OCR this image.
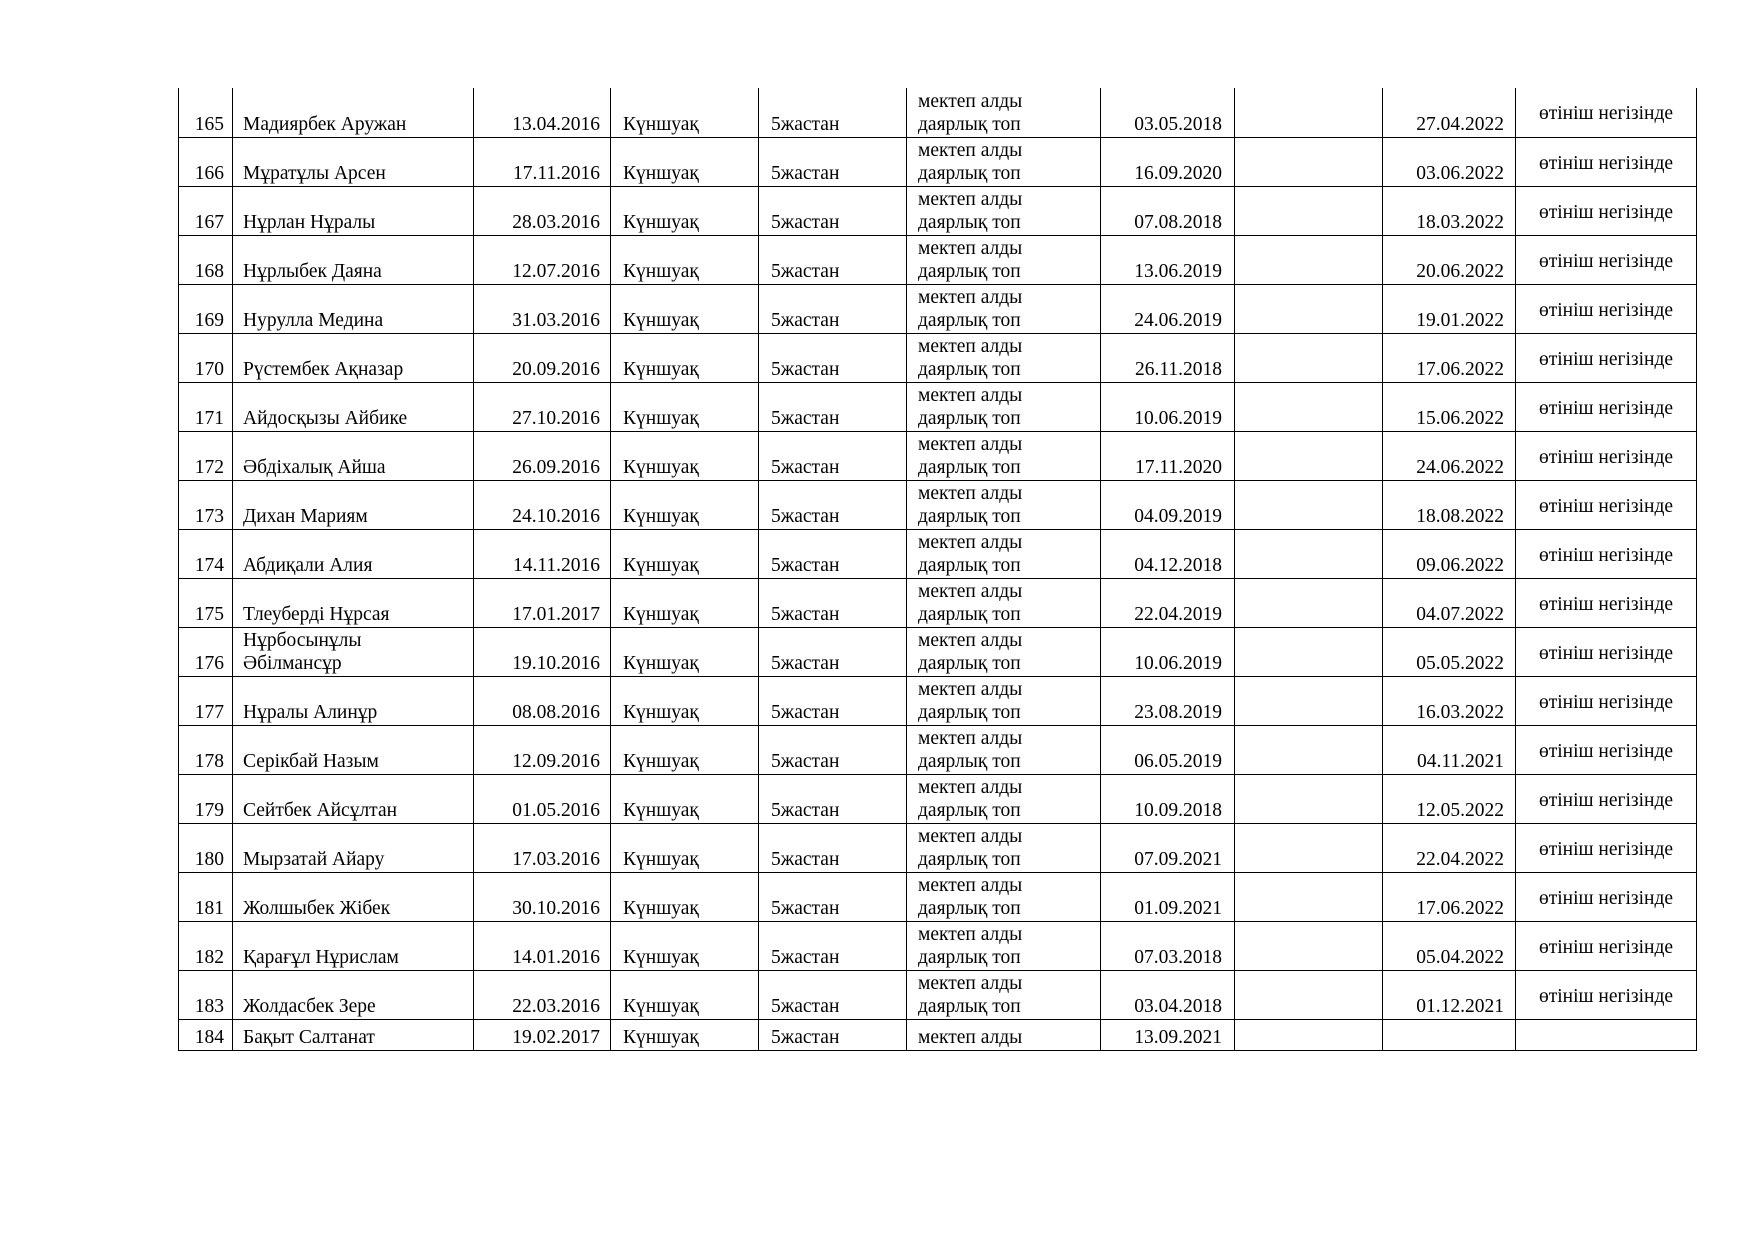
165	Мадиярбек Аружан	13.04.2016	Күншуақ	5жастан	мектеп алды
даярлық топ	03.05.2018		27.04.2022	өтініш негізінде

166	Мұратұлы Арсен	17.11.2016	Күншуақ	5жастан	мектеп алды
даярлық топ	16.09.2020		03.06.2022	өтініш негізінде

167	Нұрлан Нұралы	28.03.2016	Күншуақ	5жастан	мектеп алды
даярлық топ	07.08.2018		18.03.2022	өтініш негізінде

168	Нұрлыбек Даяна	12.07.2016	Күншуақ	5жастан	мектеп алды
даярлық топ	13.06.2019		20.06.2022	өтініш негізінде

169	Нурулла Медина	31.03.2016	Күншуақ	5жастан	мектеп алды
даярлық топ	24.06.2019		19.01.2022	өтініш негізінде

170	Рүстембек Ақназар	20.09.2016	Күншуақ	5жастан	мектеп алды
даярлық топ	26.11.2018		17.06.2022	өтініш негізінде

171	Айдосқызы Айбике	27.10.2016	Күншуақ	5жастан	мектеп алды
даярлық топ	10.06.2019		15.06.2022	өтініш негізінде

172	Әбдіхалық Айша	26.09.2016	Күншуақ	5жастан	мектеп алды
даярлық топ	17.11.2020		24.06.2022	өтініш негізінде

173	Дихан Мариям	24.10.2016	Күншуақ	5жастан	мектеп алды
даярлық топ	04.09.2019		18.08.2022	өтініш негізінде

174	Абдиқали Алия	14.11.2016	Күншуақ	5жастан	мектеп алды
даярлық топ	04.12.2018		09.06.2022	өтініш негізінде

175	Тлеуберді Нұрсая	17.01.2017	Күншуақ	5жастан	мектеп алды
даярлық топ	22.04.2019		04.07.2022	өтініш негізінде

176	Нұрбосынұлы
Әбілмансұр	19.10.2016	Күншуақ	5жастан	мектеп алды
даярлық топ	10.06.2019		05.05.2022	өтініш негізінде

177	Нұралы Алинұр	08.08.2016	Күншуақ	5жастан	мектеп алды
даярлық топ	23.08.2019		16.03.2022	өтініш негізінде

178	Серікбай Назым	12.09.2016	Күншуақ	5жастан	мектеп алды
даярлық топ	06.05.2019		04.11.2021	өтініш негізінде

179	Сейтбек Айсұлтан	01.05.2016	Күншуақ	5жастан	мектеп алды
даярлық топ	10.09.2018		12.05.2022	өтініш негізінде

180	Мырзатай Айару	17.03.2016	Күншуақ	5жастан	мектеп алды
даярлық топ	07.09.2021		22.04.2022	өтініш негізінде

181	Жолшыбек Жібек	30.10.2016	Күншуақ	5жастан	мектеп алды
даярлық топ	01.09.2021		17.06.2022	өтініш негізінде

182	Қарағұл Нұрислам	14.01.2016	Күншуақ	5жастан	мектеп алды
даярлық топ	07.03.2018		05.04.2022	өтініш негізінде

183	Жолдасбек Зере	22.03.2016	Күншуақ	5жастан	мектеп алды
даярлық топ	03.04.2018		01.12.2021	өтініш негізінде

184	Бақыт Салтанат	19.02.2017	Күншуақ	5жастан	мектеп алды	13.09.2021			
